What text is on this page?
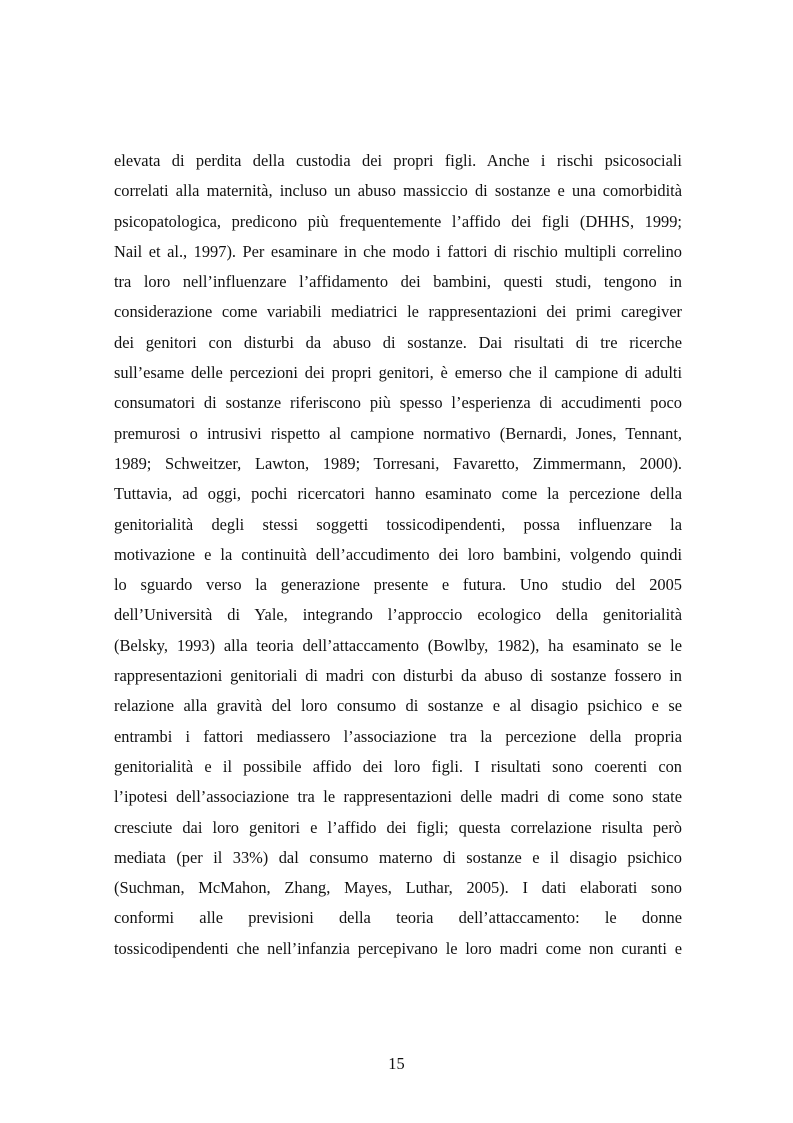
elevata di perdita della custodia dei propri figli. Anche i rischi psicosociali
correlati alla maternità, incluso un abuso massiccio di sostanze e una comorbidità
psicopatologica, predicono più frequentemente l’affido dei figli (DHHS, 1999;
Nail et al., 1997). Per esaminare in che modo i fattori di rischio multipli correlino
tra loro nell’influenzare l’affidamento dei bambini, questi studi, tengono in
considerazione come variabili mediatrici le rappresentazioni dei primi caregiver
dei genitori con disturbi da abuso di sostanze. Dai risultati di tre ricerche
sull’esame delle percezioni dei propri genitori, è emerso che il campione di adulti
consumatori di sostanze riferiscono più spesso l’esperienza di accudimenti poco
premurosi o intrusivi rispetto al campione normativo (Bernardi, Jones, Tennant,
1989; Schweitzer, Lawton, 1989; Torresani, Favaretto, Zimmermann, 2000).
Tuttavia, ad oggi, pochi ricercatori hanno esaminato come la percezione della
genitorialità degli stessi soggetti tossicodipendenti, possa influenzare la
motivazione e la continuità dell’accudimento dei loro bambini, volgendo quindi
lo sguardo verso la generazione presente e futura. Uno studio del 2005
dell’Università di Yale, integrando l’approccio ecologico della genitorialità
(Belsky, 1993) alla teoria dell’attaccamento (Bowlby, 1982), ha esaminato se le
rappresentazioni genitoriali di madri con disturbi da abuso di sostanze fossero in
relazione alla gravità del loro consumo di sostanze e al disagio psichico e se
entrambi i fattori mediassero l’associazione tra la percezione della propria
genitorialità e il possibile affido dei loro figli. I risultati sono coerenti con
l’ipotesi dell’associazione tra le rappresentazioni delle madri di come sono state
cresciute dai loro genitori e l’affido dei figli; questa correlazione risulta però
mediata (per il 33%) dal consumo materno di sostanze e il disagio psichico
(Suchman, McMahon, Zhang, Mayes, Luthar, 2005). I dati elaborati sono
conformi alle previsioni della teoria dell’attaccamento: le donne
tossicodipendenti che nell’infanzia percepivano le loro madri come non curanti e
15
